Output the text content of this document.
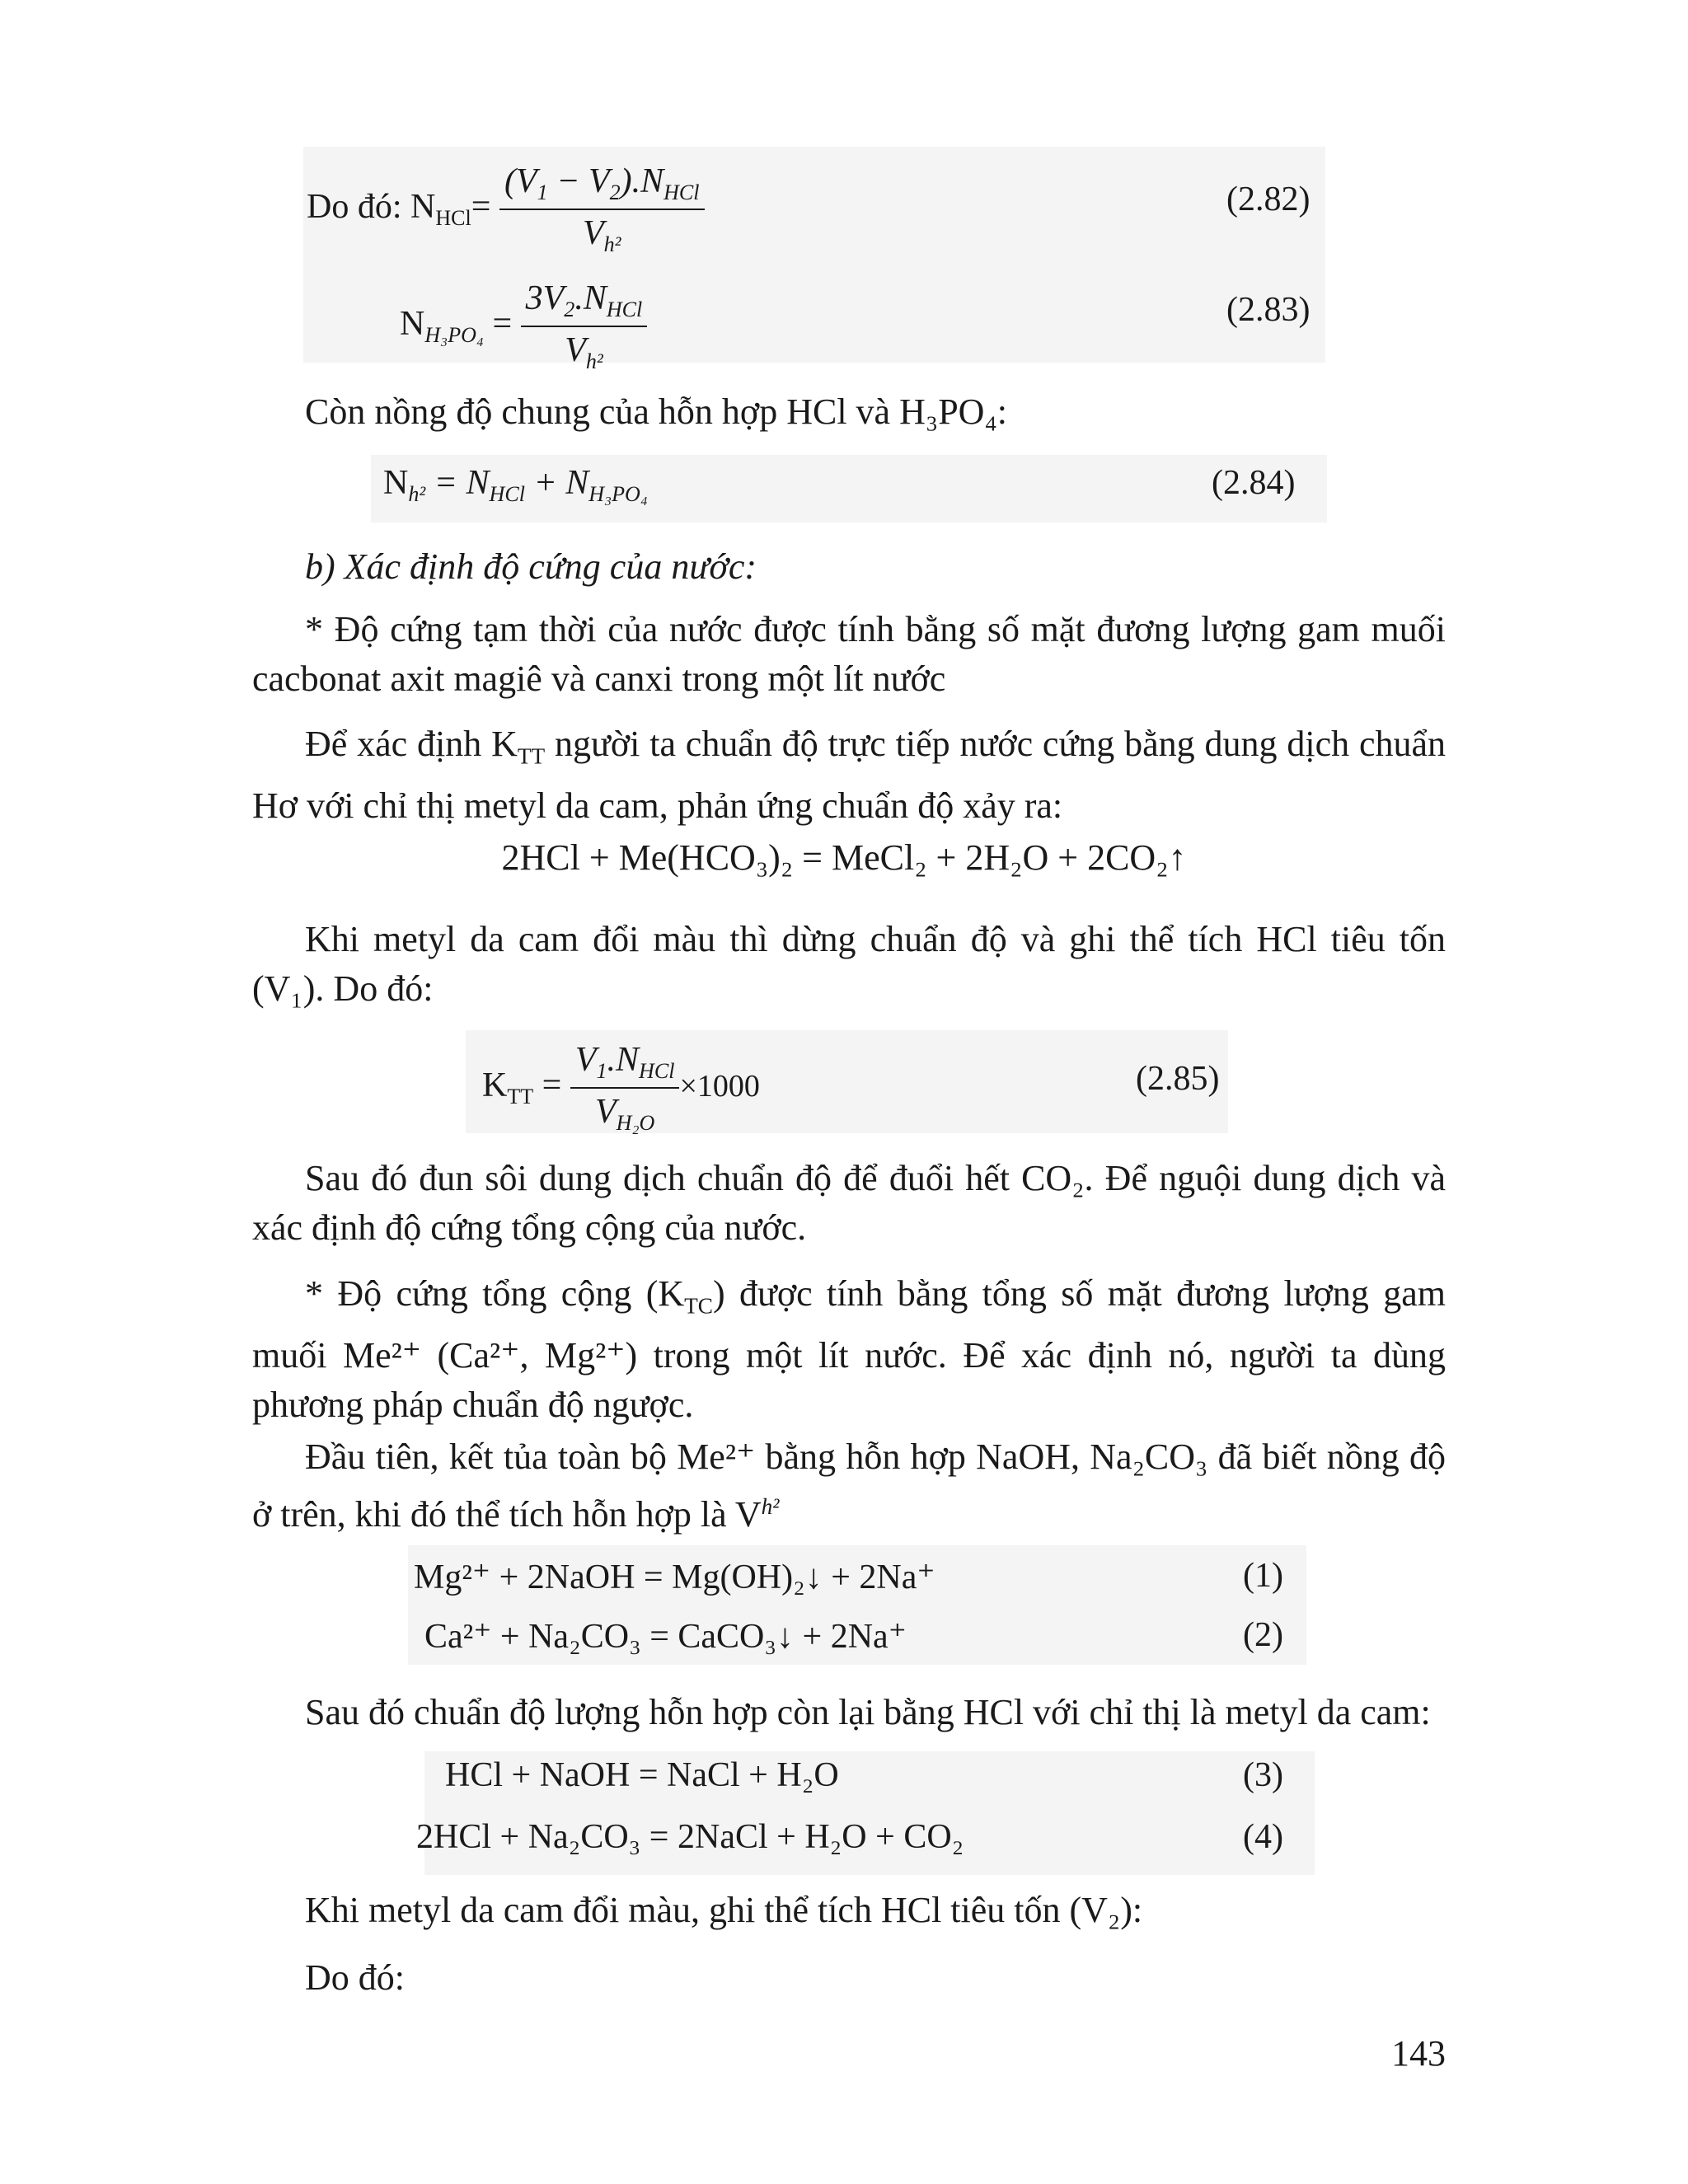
Do đó: $N_{HCl}= \frac{(V_1 - V_2).N_{HCl}}{V_{h^2}}$	(2.82)
$N_{H_3PO_4} = \frac{3V_2.N_{HCl}}{V_{h^2}}$	(2.83)
Còn nồng độ chung của hỗn hợp HCl và H₃PO₄:
$N_{h^2} = N_{HCl} + N_{H_3PO_4}$	(2.84)
b) Xác định độ cứng của nước:
* Độ cứng tạm thời của nước được tính bằng số mặt đương lượng gam muối cacbonat axit magiê và canxi trong một lít nước
Để xác định $K_{TT}$ người ta chuẩn độ trực tiếp nước cứng bằng dung dịch chuẩn Hơ với chỉ thị metyl da cam, phản ứng chuẩn độ xảy ra:
2HCl + Me(HCO₃)₂ = MeCl₂ + 2H₂O + 2CO₂↑
Khi metyl da cam đổi màu thì dừng chuẩn độ và ghi thể tích HCl tiêu tốn (V₁). Do đó:
$K_{TT} = \frac{V_1.N_{HCl}}{V_{H_2O}} \times 1000$	(2.85)
Sau đó đun sôi dung dịch chuẩn độ để đuổi hết CO₂. Để nguội dung dịch và xác định độ cứng tổng cộng của nước.
* Độ cứng tổng cộng $(K_{TC})$ được tính bằng tổng số mặt đương lượng gam muối Me²⁺ (Ca²⁺, Mg²⁺) trong một lít nước. Để xác định nó, người ta dùng phương pháp chuẩn độ ngược.
Đầu tiên, kết tủa toàn bộ Me²⁺ bằng hỗn hợp NaOH, Na₂CO₃ đã biết nồng độ ở trên, khi đó thể tích hỗn hợp là $V^{h^2}$
Mg²⁺ + 2NaOH = Mg(OH)₂↓ + 2Na⁺	(1)
Ca²⁺ + Na₂CO₃ = CaCO₃↓ + 2Na⁺	(2)
Sau đó chuẩn độ lượng hỗn hợp còn lại bằng HCl với chỉ thị là metyl da cam:
HCl + NaOH = NaCl + H₂O	(3)
2HCl + Na₂CO₃ = 2NaCl + H₂O + CO₂	(4)
Khi metyl da cam đổi màu, ghi thể tích HCl tiêu tốn (V₂):
Do đó:
143
